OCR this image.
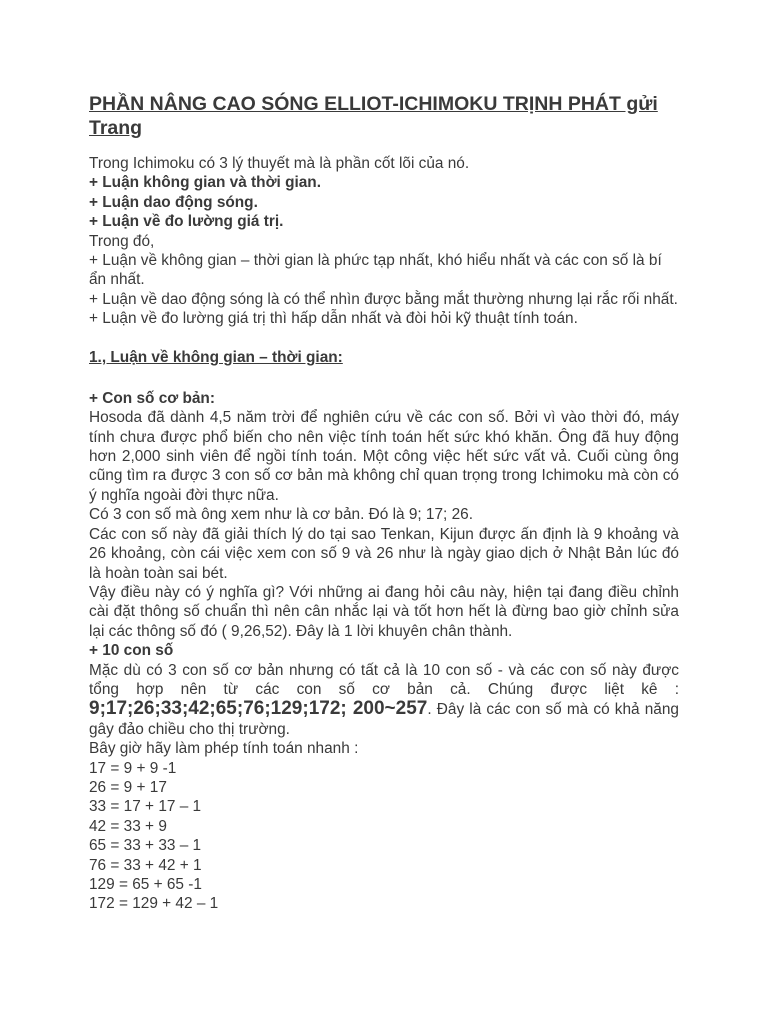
PHẦN NÂNG CAO SÓNG ELLIOT-ICHIMOKU TRỊNH PHÁT gửi Trang

Trong Ichimoku có 3 lý thuyết mà là phần cốt lõi của nó.

+ Luận không gian và thời gian.

+ Luận dao động sóng.

+ Luận về đo lường giá trị.

Trong đó,

+ Luận về không gian – thời gian là phức tạp nhất, khó hiểu nhất và các con số là bí ẩn nhất.

+ Luận về dao động sóng là có thể nhìn được bằng mắt thường nhưng lại rắc rối nhất.

+ Luận về đo lường giá trị thì hấp dẫn nhất và đòi hỏi kỹ thuật tính toán.

1., Luận về không gian – thời gian:

+ Con số cơ bản:

Hosoda đã dành 4,5 năm trời để nghiên cứu về các con số. Bởi vì vào thời đó, máy tính chưa được phổ biến cho nên việc tính toán hết sức khó khăn. Ông đã huy động hơn 2,000 sinh viên để ngồi tính toán. Một công việc hết sức vất vả. Cuối cùng ông cũng tìm ra được 3 con số cơ bản mà không chỉ quan trọng trong Ichimoku mà còn có ý nghĩa ngoài đời thực nữa.

Có 3 con số mà ông xem như là cơ bản. Đó là 9; 17; 26.

Các con số này đã giải thích lý do tại sao Tenkan, Kijun được ấn định là 9 khoảng và 26 khoảng, còn cái việc xem con số 9 và 26 như là ngày giao dịch ở Nhật Bản lúc đó là hoàn toàn sai bét.

Vậy điều này có ý nghĩa gì? Với những ai đang hỏi câu này, hiện tại đang điều chỉnh cài đặt thông số chuẩn thì nên cân nhắc lại và tốt hơn hết là đừng bao giờ chỉnh sửa lại các thông số đó ( 9,26,52). Đây là 1 lời khuyên chân thành.

+ 10 con số

Mặc dù có 3 con số cơ bản nhưng có tất cả là 10 con số - và các con số này được tổng hợp nên từ các con số cơ bản cả. Chúng được liệt kê : 9;17;26;33;42;65;76;129;172; 200~257. Đây là các con số mà có khả năng gây đảo chiều cho thị trường.

Bây giờ hãy làm phép tính toán nhanh :

17 = 9 + 9 -1

26 = 9 + 17

33 = 17 + 17 – 1

42 = 33 + 9

65 = 33 + 33 – 1

76 = 33 + 42 + 1

129 = 65 + 65 -1

172 = 129 + 42 – 1
